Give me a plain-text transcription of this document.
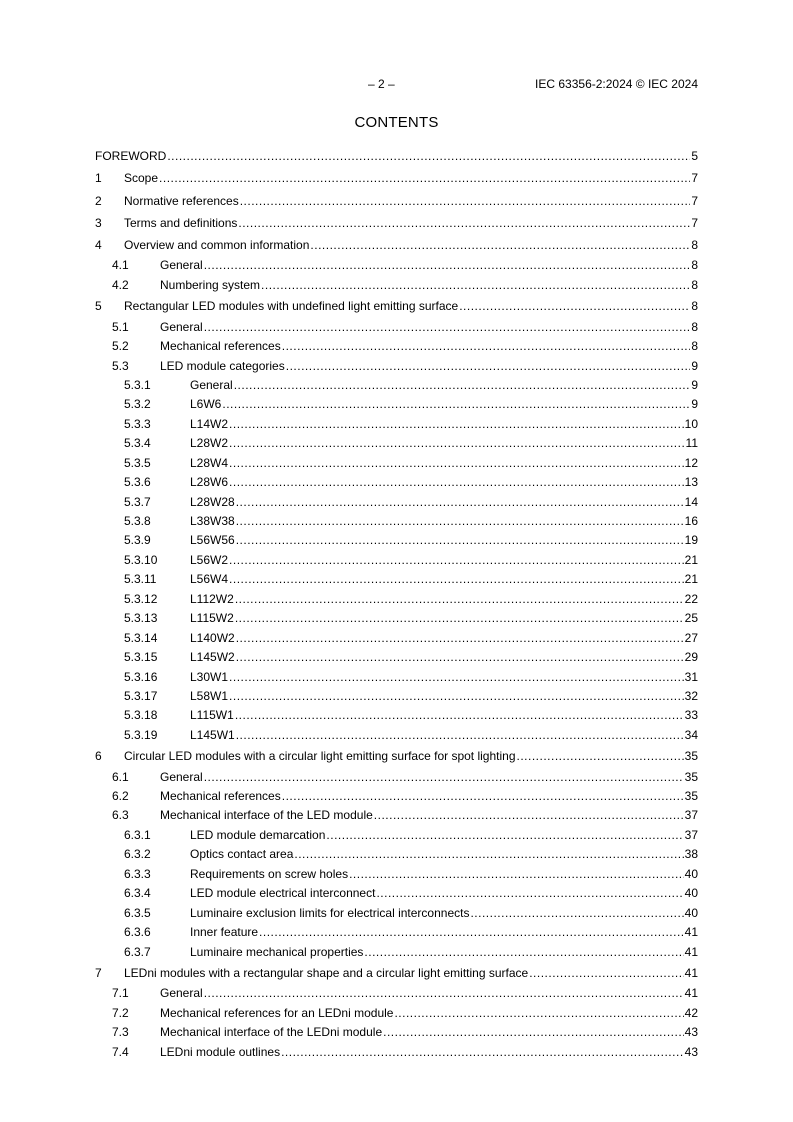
– 2 –	IEC 63356-2:2024 © IEC 2024
CONTENTS
FOREWORD .....	5
1 Scope .....	7
2 Normative references .....	7
3 Terms and definitions .....	7
4 Overview and common information .....	8
4.1	General .....	8
4.2	Numbering system .....	8
5 Rectangular LED modules with undefined light emitting surface .....	8
5.1	General .....	8
5.2	Mechanical references .....	8
5.3	LED module categories .....	9
5.3.1	General .....	9
5.3.2	L6W6 .....	9
5.3.3	L14W2 .....	10
5.3.4	L28W2 .....	11
5.3.5	L28W4 .....	12
5.3.6	L28W6 .....	13
5.3.7	L28W28 .....	14
5.3.8	L38W38 .....	16
5.3.9	L56W56 .....	19
5.3.10	L56W2 .....	21
5.3.11	L56W4 .....	21
5.3.12	L112W2 .....	22
5.3.13	L115W2 .....	25
5.3.14	L140W2 .....	27
5.3.15	L145W2 .....	29
5.3.16	L30W1 .....	31
5.3.17	L58W1 .....	32
5.3.18	L115W1 .....	33
5.3.19	L145W1 .....	34
6 Circular LED modules with a circular light emitting surface for spot lighting .....	35
6.1	General .....	35
6.2	Mechanical references .....	35
6.3	Mechanical interface of the LED module .....	37
6.3.1	LED module demarcation .....	37
6.3.2	Optics contact area .....	38
6.3.3	Requirements on screw holes .....	40
6.3.4	LED module electrical interconnect .....	40
6.3.5	Luminaire exclusion limits for electrical interconnects .....	40
6.3.6	Inner feature .....	41
6.3.7	Luminaire mechanical properties .....	41
7 LEDni modules with a rectangular shape and a circular light emitting surface .....	41
7.1	General .....	41
7.2	Mechanical references for an LEDni module .....	42
7.3	Mechanical interface of the LEDni module .....	43
7.4	LEDni module outlines .....	43
